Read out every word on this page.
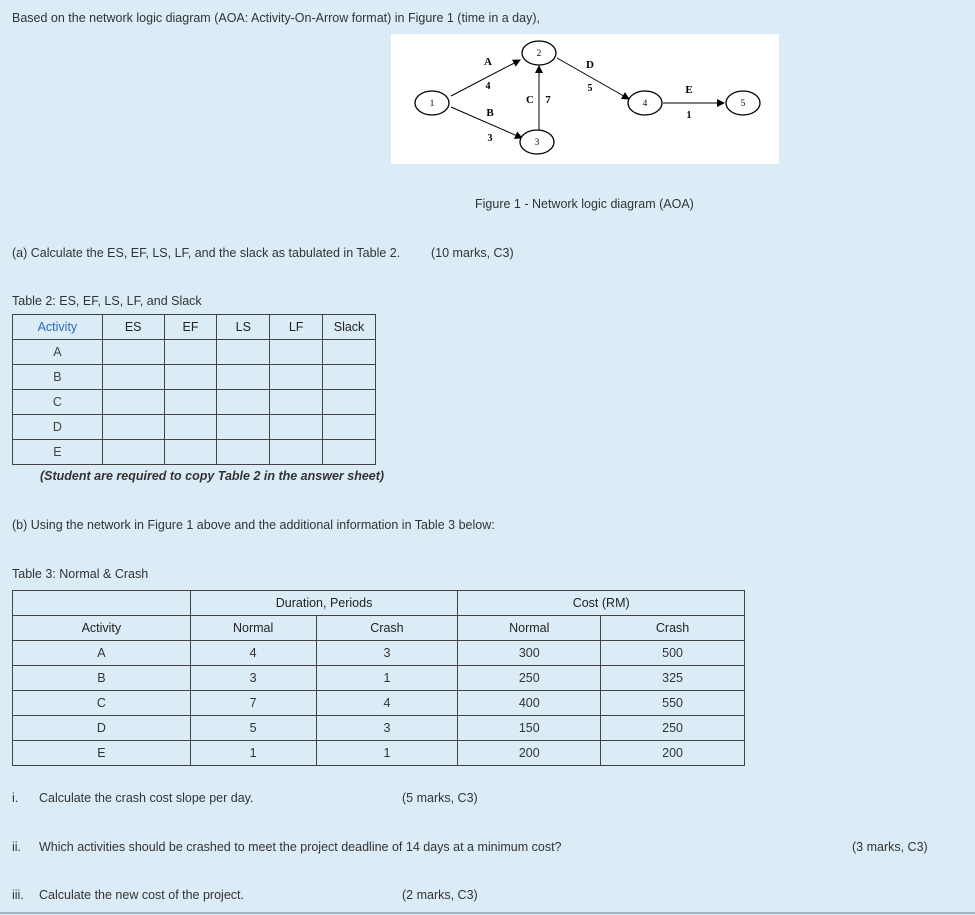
Based on the network logic diagram (AOA: Activity-On-Arrow format) in Figure 1 (time in a day),
1
2
3
4	5
A
4
B
3
C 7
D
5	E
1
Figure 1 - Network logic diagram (AOA)
(a) Calculate the ES, EF, LS, LF, and the slack as tabulated in Table 2. (10 marks, C3)
Table 2: ES, EF, LS, LF, and Slack
Activity	ES	EF	LS	LF	Slack
A					
B					
C					
D					
E					
(Student are required to copy Table 2 in the answer sheet)
(b) Using the network in Figure 1 above and the additional information in Table 3 below:
Table 3: Normal & Crash
	Duration, Periods		Cost (RM)	
Activity	Normal	Crash	Normal	Crash
A	4	3	300	500
B	3	1	250	325
C	7	4	400	550
D	5	3	150	250
E	1	1	200	200
i. Calculate the crash cost slope per day.	(5 marks, C3)
ii. Which activities should be crashed to meet the project deadline of 14 days at a minimum cost?	(3 marks, C3)
iii. Calculate the new cost of the project.	(2 marks, C3)
